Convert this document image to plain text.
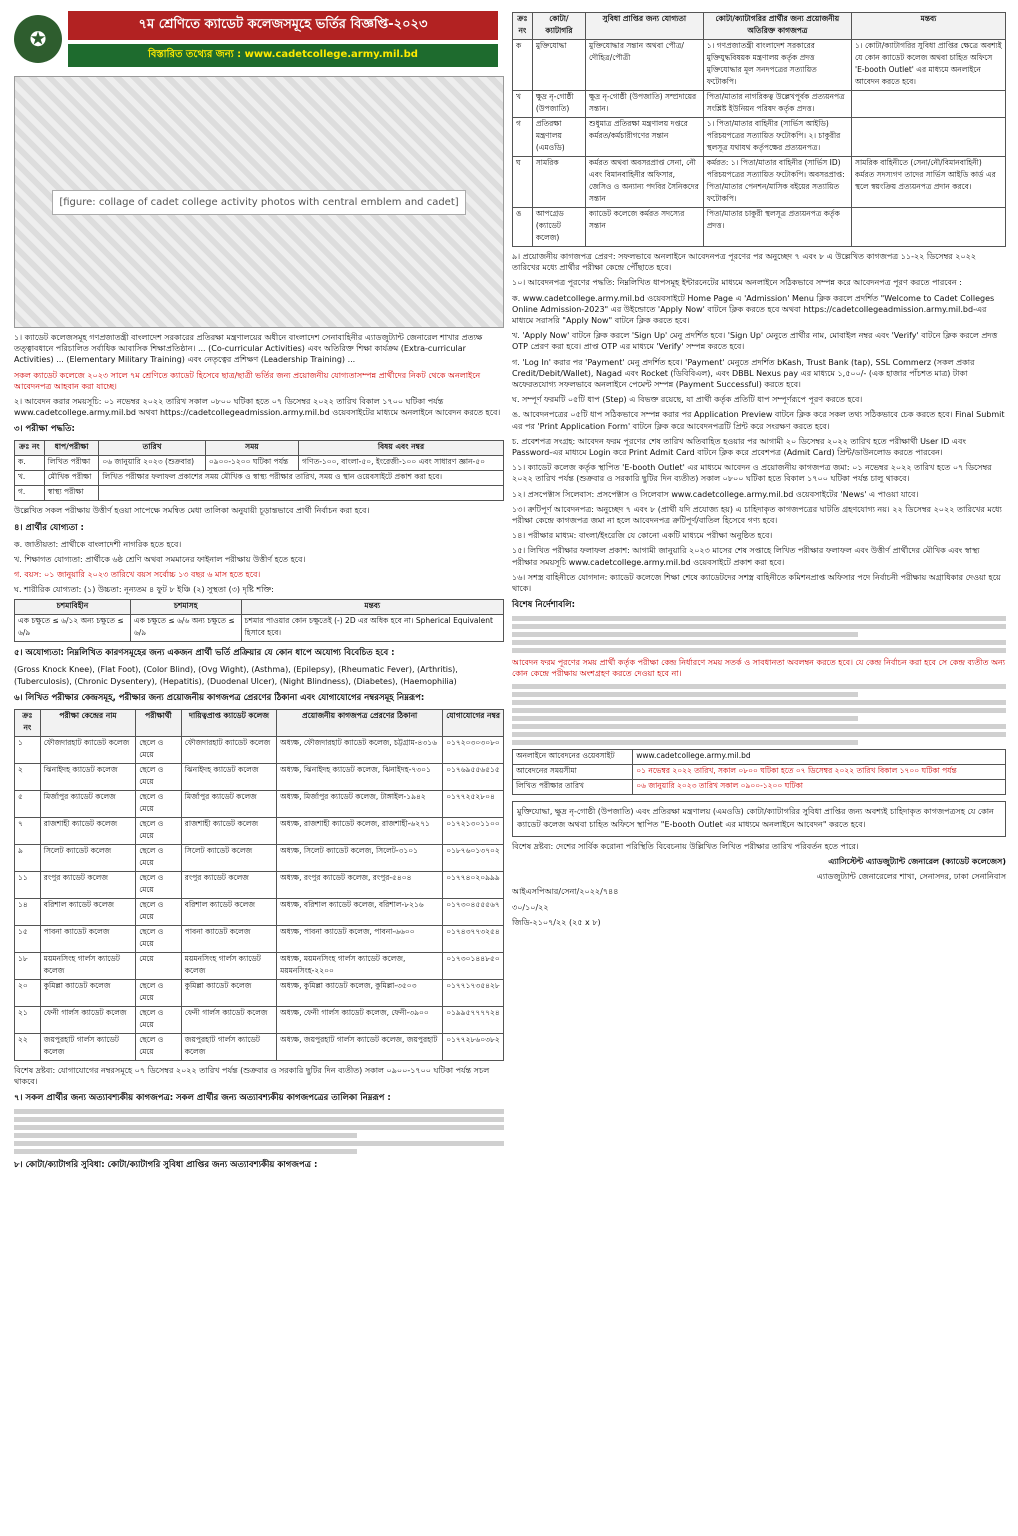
✪
৭ম শ্রেণিতে ক্যাডেট কলেজসমূহে ভর্তির বিজ্ঞপ্তি-২০২৩
বিস্তারিত তথ্যের জন্য : www.cadetcollege.army.mil.bd
[figure: collage of cadet college activity photos with central emblem and cadet]
১। ক্যাডেট কলেজসমূহ গণপ্রজাতন্ত্রী বাংলাদেশ সরকারের প্রতিরক্ষা মন্ত্রণালয়ের অধীনে বাংলাদেশ সেনাবাহিনীর এ্যাডজুট্যান্ট জেনারেল শাখার প্রত্যক্ষ তত্ত্বাবধানে পরিচালিত সর্বাধিক আবাসিক শিক্ষাপ্রতিষ্ঠান। ... (Co-curricular Activities) এবং অতিরিক্ত শিক্ষা কার্যক্রম (Extra-curricular Activities) ... (Elementary Military Training) এবং নেতৃত্বের প্রশিক্ষণ (Leadership Training) ...
সকল ক্যাডেট কলেজে ২০২৩ সালে ৭ম শ্রেণিতে ক্যাডেট হিসেবে ছাত্র/ছাত্রী ভর্তির জন্য প্রয়োজনীয় যোগ্যতাসম্পন্ন প্রার্থীদের নিকট থেকে অনলাইনে আবেদনপত্র আহবান করা যাচ্ছে।
২। আবেদন করার সময়সূচি: ০১ নভেম্বর ২০২২ তারিখ সকাল ০৮০০ ঘটিকা হতে ০৭ ডিসেম্বর ২০২২ তারিখ বিকাল ১৭০০ ঘটিকা পর্যন্ত www.cadetcollege.army.mil.bd অথবা https://cadetcollegeadmission.army.mil.bd ওয়েবসাইটের মাধ্যমে অনলাইনে আবেদন করতে হবে।
৩। পরীক্ষা পদ্ধতি:
ক্রঃ নং	ধাপ/পরীক্ষা	তারিখ	সময়	বিষয় এবং নম্বর
ক.	লিখিত পরীক্ষা	০৬ জানুয়ারি ২০২৩ (শুক্রবার)	০৯০০-১২০০ ঘটিকা পর্যন্ত	গণিত-১০০, বাংলা-৫০, ইংরেজী-১০০ এবং সাধারণ জ্ঞান-৫০
খ.	মৌখিক পরীক্ষা	লিখিত পরীক্ষার ফলাফল প্রকাশের সময় মৌখিক ও স্বাস্থ্য পরীক্ষার তারিখ, সময় ও স্থান ওয়েবসাইটে প্রকাশ করা হবে।		
গ.	স্বাস্থ্য পরীক্ষা			
উল্লেখিত সকল পরীক্ষায় উত্তীর্ণ হওয়া সাপেক্ষে সমন্বিত মেধা তালিকা অনুযায়ী চূড়ান্তভাবে প্রার্থী নির্বাচন করা হবে।
৪। প্রার্থীর যোগ্যতা :
ক. জাতীয়তা: প্রার্থীকে বাংলাদেশী নাগরিক হতে হবে।
খ. শিক্ষাগত যোগ্যতা: প্রার্থীকে ৬ষ্ঠ শ্রেণি অথবা সমমানের ফাইনাল পরীক্ষায় উত্তীর্ণ হতে হবে।
গ. বয়স: ০১ জানুয়ারি ২০২৩ তারিখে বয়স সর্বোচ্চ ১৩ বছর ৬ মাস হতে হবে।
ঘ. শারীরিক যোগ্যতা: (১) উচ্চতা: নূন্যতম ৪ ফুট ৮ ইঞ্চি (২) সুস্থতা (৩) দৃষ্টি শক্তি:
চশমাবিহীন	চশমাসহ	মন্তব্য
এক চক্ষুতে ≤ ৬/১২ অন্য চক্ষুতে ≤ ৬/৯	এক চক্ষুতে ≤ ৬/৬ অন্য চক্ষুতে ≤ ৬/৯	চশমার পাওয়ার কোন চক্ষুতেই (-) 2D এর অধিক হবে না। Spherical Equivalent হিসাবে হবে।
৫। অযোগ্যতা: নিম্নলিখিত কারণসমূহের জন্য একজন প্রার্থী ভর্তি প্রক্রিয়ার যে কোন ধাপে অযোগ্য বিবেচিত হবে :
(Gross Knock Knee), (Flat Foot), (Color Blind), (Ovg Wight), (Asthma), (Epilepsy), (Rheumatic Fever), (Arthritis), (Tuberculosis), (Chronic Dysentery), (Hepatitis), (Duodenal Ulcer), (Night Blindness), (Diabetes), (Haemophilia)
৬। লিখিত পরীক্ষার কেন্দ্রসমূহ, পরীক্ষার জন্য প্রয়োজনীয় কাগজপত্র প্রেরণের ঠিকানা এবং যোগাযোগের নম্বরসমূহ নিম্নরূপ:
ক্রঃ নং	পরীক্ষা কেন্দ্রের নাম	পরীক্ষার্থী	দায়িত্বপ্রাপ্ত ক্যাডেট কলেজ	প্রয়োজনীয় কাগজপত্র প্রেরণের ঠিকানা	যোগাযোগের নম্বর
১	ফৌজদারহাট ক্যাডেট কলেজ	ছেলে ও মেয়ে	ফৌজদারহাট ক্যাডেট কলেজ	অধ্যক্ষ, ফৌজদারহাট ক্যাডেট কলেজ, চট্টগ্রাম-৪৩১৬	০১৭২০৩০৩০৮০
২	ঝিনাইদহ ক্যাডেট কলেজ	ছেলে ও মেয়ে	ঝিনাইদহ ক্যাডেট কলেজ	অধ্যক্ষ, ঝিনাইদহ ক্যাডেট কলেজ, ঝিনাইদহ-৭৩০১	০১৭৬৯৫৫৬৫১৫
৫	মির্জাপুর ক্যাডেট কলেজ	ছেলে ও মেয়ে	মির্জাপুর ক্যাডেট কলেজ	অধ্যক্ষ, মির্জাপুর ক্যাডেট কলেজ, টাঙ্গাইল-১৯৪২	০১৭৭২৫২৮০৪
৭	রাজশাহী ক্যাডেট কলেজ	ছেলে ও মেয়ে	রাজশাহী ক্যাডেট কলেজ	অধ্যক্ষ, রাজশাহী ক্যাডেট কলেজ, রাজশাহী-৬২৭১	০১৭২১৩০১১০০
৯	সিলেট ক্যাডেট কলেজ	ছেলে ও মেয়ে	সিলেট ক্যাডেট কলেজ	অধ্যক্ষ, সিলেট ক্যাডেট কলেজ, সিলেট-৩১০১	০১৮৭৬০১৩৭০২
১১	রংপুর ক্যাডেট কলেজ	ছেলে ও মেয়ে	রংপুর ক্যাডেট কলেজ	অধ্যক্ষ, রংপুর ক্যাডেট কলেজ, রংপুর-৫৪০৪	০১৭৭৪০২০৯৯৯
১৪	বরিশাল ক্যাডেট কলেজ	ছেলে ও মেয়ে	বরিশাল ক্যাডেট কলেজ	অধ্যক্ষ, বরিশাল ক্যাডেট কলেজ, বরিশাল-৮২১৬	০১৭৩০৪৫৫৫৬৭
১৫	পাবনা ক্যাডেট কলেজ	ছেলে ও মেয়ে	পাবনা ক্যাডেট কলেজ	অধ্যক্ষ, পাবনা ক্যাডেট কলেজ, পাবনা-৬৬০০	০১৭৪৩৭৭৩২৫৪
১৮	ময়মনসিংহ গার্লস ক্যাডেট কলেজ	মেয়ে	ময়মনসিংহ গার্লস ক্যাডেট কলেজ	অধ্যক্ষ, ময়মনসিংহ গার্লস ক্যাডেট কলেজ, ময়মনসিংহ-২২০০	০১৭৩০১৪৪৮৫০
২০	কুমিল্লা ক্যাডেট কলেজ	ছেলে ও মেয়ে	কুমিল্লা ক্যাডেট কলেজ	অধ্যক্ষ, কুমিল্লা ক্যাডেট কলেজ, কুমিল্লা-৩৫০৩	০১৭৭১৭৩৫৪২৮
২১	ফেনী গার্লস ক্যাডেট কলেজ	ছেলে ও মেয়ে	ফেনী গার্লস ক্যাডেট কলেজ	অধ্যক্ষ, ফেনী গার্লস ক্যাডেট কলেজ, ফেনী-৩৯০০	০১৯৯৫৭৭৭৭২৪
২২	জয়পুরহাট গার্লস ক্যাডেট কলেজ	ছেলে ও মেয়ে	জয়পুরহাট গার্লস ক্যাডেট কলেজ	অধ্যক্ষ, জয়পুরহাট গার্লস ক্যাডেট কলেজ, জয়পুরহাট	০১৭৭২৮৬০৩৮২
বিশেষ দ্রষ্টব্য: যোগাযোগের নম্বরসমূহে ০৭ ডিসেম্বর ২০২২ তারিখ পর্যন্ত (শুক্রবার ও সরকারি ছুটির দিন ব্যতীত) সকাল ০৯০০-১৭০০ ঘটিকা পর্যন্ত সচল থাকবে।
৭। সকল প্রার্থীর জন্য অত্যাবশ্যকীয় কাগজপত্র: সকল প্রার্থীর জন্য অত্যাবশ্যকীয় কাগজপত্রের তালিকা নিম্নরূপ :
৮। কোটা/ক্যাটাগরি সুবিধা: কোটা/ক্যাটাগরি সুবিধা প্রাপ্তির জন্য অত্যাবশ্যকীয় কাগজপত্র :
ক্রঃ নং	কোটা/ক্যাটাগরি	সুবিধা প্রাপ্তির জন্য যোগ্যতা	কোটা/ক্যাটাগরির প্রার্থীর জন্য প্রয়োজনীয় অতিরিক্ত কাগজপত্র	মন্তব্য
ক	মুক্তিযোদ্ধা	মুক্তিযোদ্ধার সন্তান অথবা পৌত্র/দৌহিত্র/পৌত্রী	১। গণপ্রজাতন্ত্রী বাংলাদেশ সরকারের মুক্তিযুদ্ধবিষয়ক মন্ত্রণালয় কর্তৃক প্রদত্ত মুক্তিযোদ্ধার মূল সনদপত্রের সত্যায়িত ফটোকপি।	১। কোটা/ক্যাটাগরির সুবিধা প্রাপ্তির ক্ষেত্রে অবশ্যই যে কোন ক্যাডেট কলেজ অথবা চাহিত অফিসে 'E-booth Outlet' এর মাধ্যমে অনলাইনে আবেদন করতে হবে।
খ	ক্ষুদ্র নৃ-গোষ্ঠী (উপজাতি)	ক্ষুদ্র নৃ-গোষ্ঠী (উপজাতি) সম্প্রদায়ের সন্তান।	পিতা/মাতার নাগরিকত্ব উল্লেখপূর্বক প্রত্যয়নপত্র সংশ্লিষ্ট ইউনিয়ন পরিষদ কর্তৃক প্রদত্ত।	
গ	প্রতিরক্ষা মন্ত্রণালয় (এমওডি)	শুধুমাত্র প্রতিরক্ষা মন্ত্রণালয় দপ্তরে কর্মরত/কর্মচারীগণের সন্তান	১। পিতা/মাতার বাহিনীর (সার্ভিস আইডি) পরিচয়পত্রের সত্যায়িত ফটোকপি। ২। চাকুরীর স্থলসূত্র যথাযথ কর্তৃপক্ষের প্রত্যয়নপত্র।	
ঘ	সামরিক	কর্মরত অথবা অবসরপ্রাপ্ত সেনা, নৌ এবং বিমানবাহিনীর অফিসার, জেসিও ও অন্যান্য পদবির সৈনিকদের সন্তান	কর্মরত: ১। পিতা/মাতার বাহিনীর (সার্ভিস ID) পরিচয়পত্রের সত্যায়িত ফটোকপি। অবসরপ্রাপ্ত: পিতা/মাতার পেনশন/মাসিক বইয়ের সত্যায়িত ফটোকপি।	সামরিক বাহিনীতে (সেনা/নৌ/বিমানবাহিনী) কর্মরত সদস্যগণ তাদের সার্ভিস আইডি কার্ড এর স্থলে স্বয়ংক্রিয় প্রত্যয়নপত্র প্রদান করবে।
ঙ	আপগ্রেড (ক্যাডেট কলেজ)	ক্যাডেট কলেজে কর্মরত সদস্যের সন্তান	পিতা/মাতার চাকুরী স্থলসূত্র প্রত্যয়নপত্র কর্তৃক প্রদত্ত।	
৯। প্রয়োজনীয় কাগজপত্র প্রেরণ: সফলভাবে অনলাইনে আবেদনপত্র পূরণের পর অনুচ্ছেদ ৭ এবং ৮ এ উল্লেখিত কাগজপত্র ১১-২২ ডিসেম্বর ২০২২ তারিখের মধ্যে প্রার্থীর পরীক্ষা কেন্দ্রে পৌঁছাতে হবে।
১০। আবেদনপত্র পূরণের পদ্ধতি: নিম্নলিখিত ধাপসমূহ ইন্টারনেটের মাধ্যমে অনলাইনে সঠিকভাবে সম্পন্ন করে আবেদনপত্র পূরণ করতে পারবেন :
ক. www.cadetcollege.army.mil.bd ওয়েবসাইটে Home Page এ 'Admission' Menu ক্লিক করলে প্রদর্শিত "Welcome to Cadet Colleges Online Admission-2023" এর উইন্ডোতে 'Apply Now' বাটনে ক্লিক করতে হবে অথবা https://cadetcollegeadmission.army.mil.bd-এর মাধ্যমে সরাসরি "Apply Now" বাটনে ক্লিক করতে হবে।
খ. 'Apply Now' বাটনে ক্লিক করলে 'Sign Up' মেনু প্রদর্শিত হবে। 'Sign Up' মেনুতে প্রার্থীর নাম, মোবাইল নম্বর এবং 'Verify' বাটনে ক্লিক করলে প্রদত্ত OTP প্রেরণ করা হবে। প্রাপ্ত OTP এর মাধ্যমে 'Verify' সম্পন্ন করতে হবে।
গ. 'Log In' করার পর 'Payment' মেনু প্রদর্শিত হবে। 'Payment' মেনুতে প্রদর্শিত bKash, Trust Bank (tap), SSL Commerz (সকল প্রকার Credit/Debit/Wallet), Nagad এবং Rocket (ডিবিবিএল), এবং DBBL Nexus pay এর মাধ্যমে ১,৫০০/- (এক হাজার পাঁচশত মাত্র) টাকা অফেরতযোগ্য সফলভাবে অনলাইনে পেমেন্ট সম্পন্ন (Payment Successful) করতে হবে।
ঘ. সম্পূর্ণ ফরমটি ০৫টি ধাপ (Step) এ বিভক্ত রয়েছে, যা প্রার্থী কর্তৃক প্রতিটি ধাপ সম্পূর্ণরূপে পূরণ করতে হবে।
ঙ. আবেদনপত্রের ০৫টি ধাপ সঠিকভাবে সম্পন্ন করার পর Application Preview বাটনে ক্লিক করে সকল তথ্য সঠিকভাবে চেক করতে হবে। Final Submit এর পর 'Print Application Form' বাটনে ক্লিক করে আবেদনপত্রটি প্রিন্ট করে সংরক্ষণ করতে হবে।
চ. প্রবেশপত্র সংগ্রহ: আবেদন ফরম পূরণের শেষ তারিখ অতিবাহিত হওয়ার পর আগামী ২০ ডিসেম্বর ২০২২ তারিখ হতে পরীক্ষার্থী User ID এবং Password-এর মাধ্যমে Login করে Print Admit Card বাটনে ক্লিক করে প্রবেশপত্র (Admit Card) প্রিন্ট/ডাউনলোড করতে পারবেন।
১১। ক্যাডেট কলেজ কর্তৃক স্থাপিত 'E-booth Outlet' এর মাধ্যমে আবেদন ও প্রয়োজনীয় কাগজপত্র জমা: ০১ নভেম্বর ২০২২ তারিখ হতে ০৭ ডিসেম্বর ২০২২ তারিখ পর্যন্ত (শুক্রবার ও সরকারি ছুটির দিন ব্যতীত) সকাল ০৮০০ ঘটিকা হতে বিকাল ১৭০০ ঘটিকা পর্যন্ত চালু থাকবে।
১২। প্রসপেক্টাস সিলেবাস: প্রসপেক্টাস ও সিলেবাস www.cadetcollege.army.mil.bd ওয়েবসাইটের 'News' এ পাওয়া যাবে।
১৩। ক্রটিপূর্ণ আবেদনপত্র: অনুচ্ছেদ ৭ এবং ৮ (প্রার্থী যদি প্রযোজ্য হয়) এ চাহিদাকৃত কাগজপত্রের ঘাটতি গ্রহণযোগ্য নয়। ২২ ডিসেম্বর ২০২২ তারিখের মধ্যে পরীক্ষা কেন্দ্রে কাগজপত্র জমা না হলে আবেদনপত্র ক্রটিপূর্ণ/বাতিল হিসেবে গণ্য হবে।
১৪। পরীক্ষার মাধ্যম: বাংলা/ইংরেজি যে কোনো একটি মাধ্যমে পরীক্ষা অনুষ্ঠিত হবে।
১৫। লিখিত পরীক্ষার ফলাফল প্রকাশ: আগামী জানুয়ারি ২০২৩ মাসের শেষ সপ্তাহে লিখিত পরীক্ষার ফলাফল এবং উত্তীর্ণ প্রার্থীদের মৌখিক এবং স্বাস্থ্য পরীক্ষার সময়সূচি www.cadetcollege.army.mil.bd ওয়েবসাইটে প্রকাশ করা হবে।
১৬। সশস্ত্র বাহিনীতে যোগদান: ক্যাডেট কলেজে শিক্ষা শেষে ক্যাডেটদের সশস্ত্র বাহিনীতে কমিশনপ্রাপ্ত অফিসার পদে নির্বাচনী পরীক্ষায় অগ্রাধিকার দেওয়া হয়ে থাকে।
বিশেষ নির্দেশাবলি:
আবেদন ফরম পূরণের সময় প্রার্থী কর্তৃক পরীক্ষা কেন্দ্র নির্ধারণে সময় সতর্ক ও সাবধানতা অবলম্বন করতে হবে। যে কেন্দ্র নির্বাচন করা হবে সে কেন্দ্র ব্যতীত অন্য কোন কেন্দ্রে পরীক্ষায় অংশগ্রহণ করতে দেওয়া হবে না।
অনলাইনে আবেদনের ওয়েবসাইট	www.cadetcollege.army.mil.bd
আবেদনের সময়সীমা	০১ নভেম্বর ২০২২ তারিখ, সকাল ০৮০০ ঘটিকা হতে ০৭ ডিসেম্বর ২০২২ তারিখ বিকাল ১৭০০ ঘটিকা পর্যন্ত
লিখিত পরীক্ষার তারিখ	০৬ জানুয়ারি ২০২৩ তারিখ সকাল ০৯০০-১২০০ ঘটিকা
মুক্তিযোদ্ধা, ক্ষুদ্র নৃ-গোষ্ঠী (উপজাতি) এবং প্রতিরক্ষা মন্ত্রণালয় (এমওডি) কোটা/ক্যাটাগরির সুবিধা প্রাপ্তির জন্য অবশ্যই চাহিদাকৃত কাগজপত্রসহ যে কোন ক্যাডেট কলেজ অথবা চাহিত অফিসে স্থাপিত "E-booth Outlet এর মাধ্যমে অনলাইনে আবেদন" করতে হবে।
বিশেষ দ্রষ্টব্য: দেশের সার্বিক করোনা পরিস্থিতি বিবেচনায় উল্লিখিত লিখিত পরীক্ষার তারিখ পরিবর্তন হতে পারে।
এ্যাসিস্টেন্ট এ্যাডজুট্যান্ট জেনারেল (ক্যাডেট কলেজেস)
এ্যাডজুট্যান্ট জেনারেলের শাখা, সেনাসদর, ঢাকা সেনানিবাস
আইএসপিআর/সেনা/২০২২/৭৪৪
৩০/১০/২২
জিডি-২১০৭/২২ (২৫ x ৮)
